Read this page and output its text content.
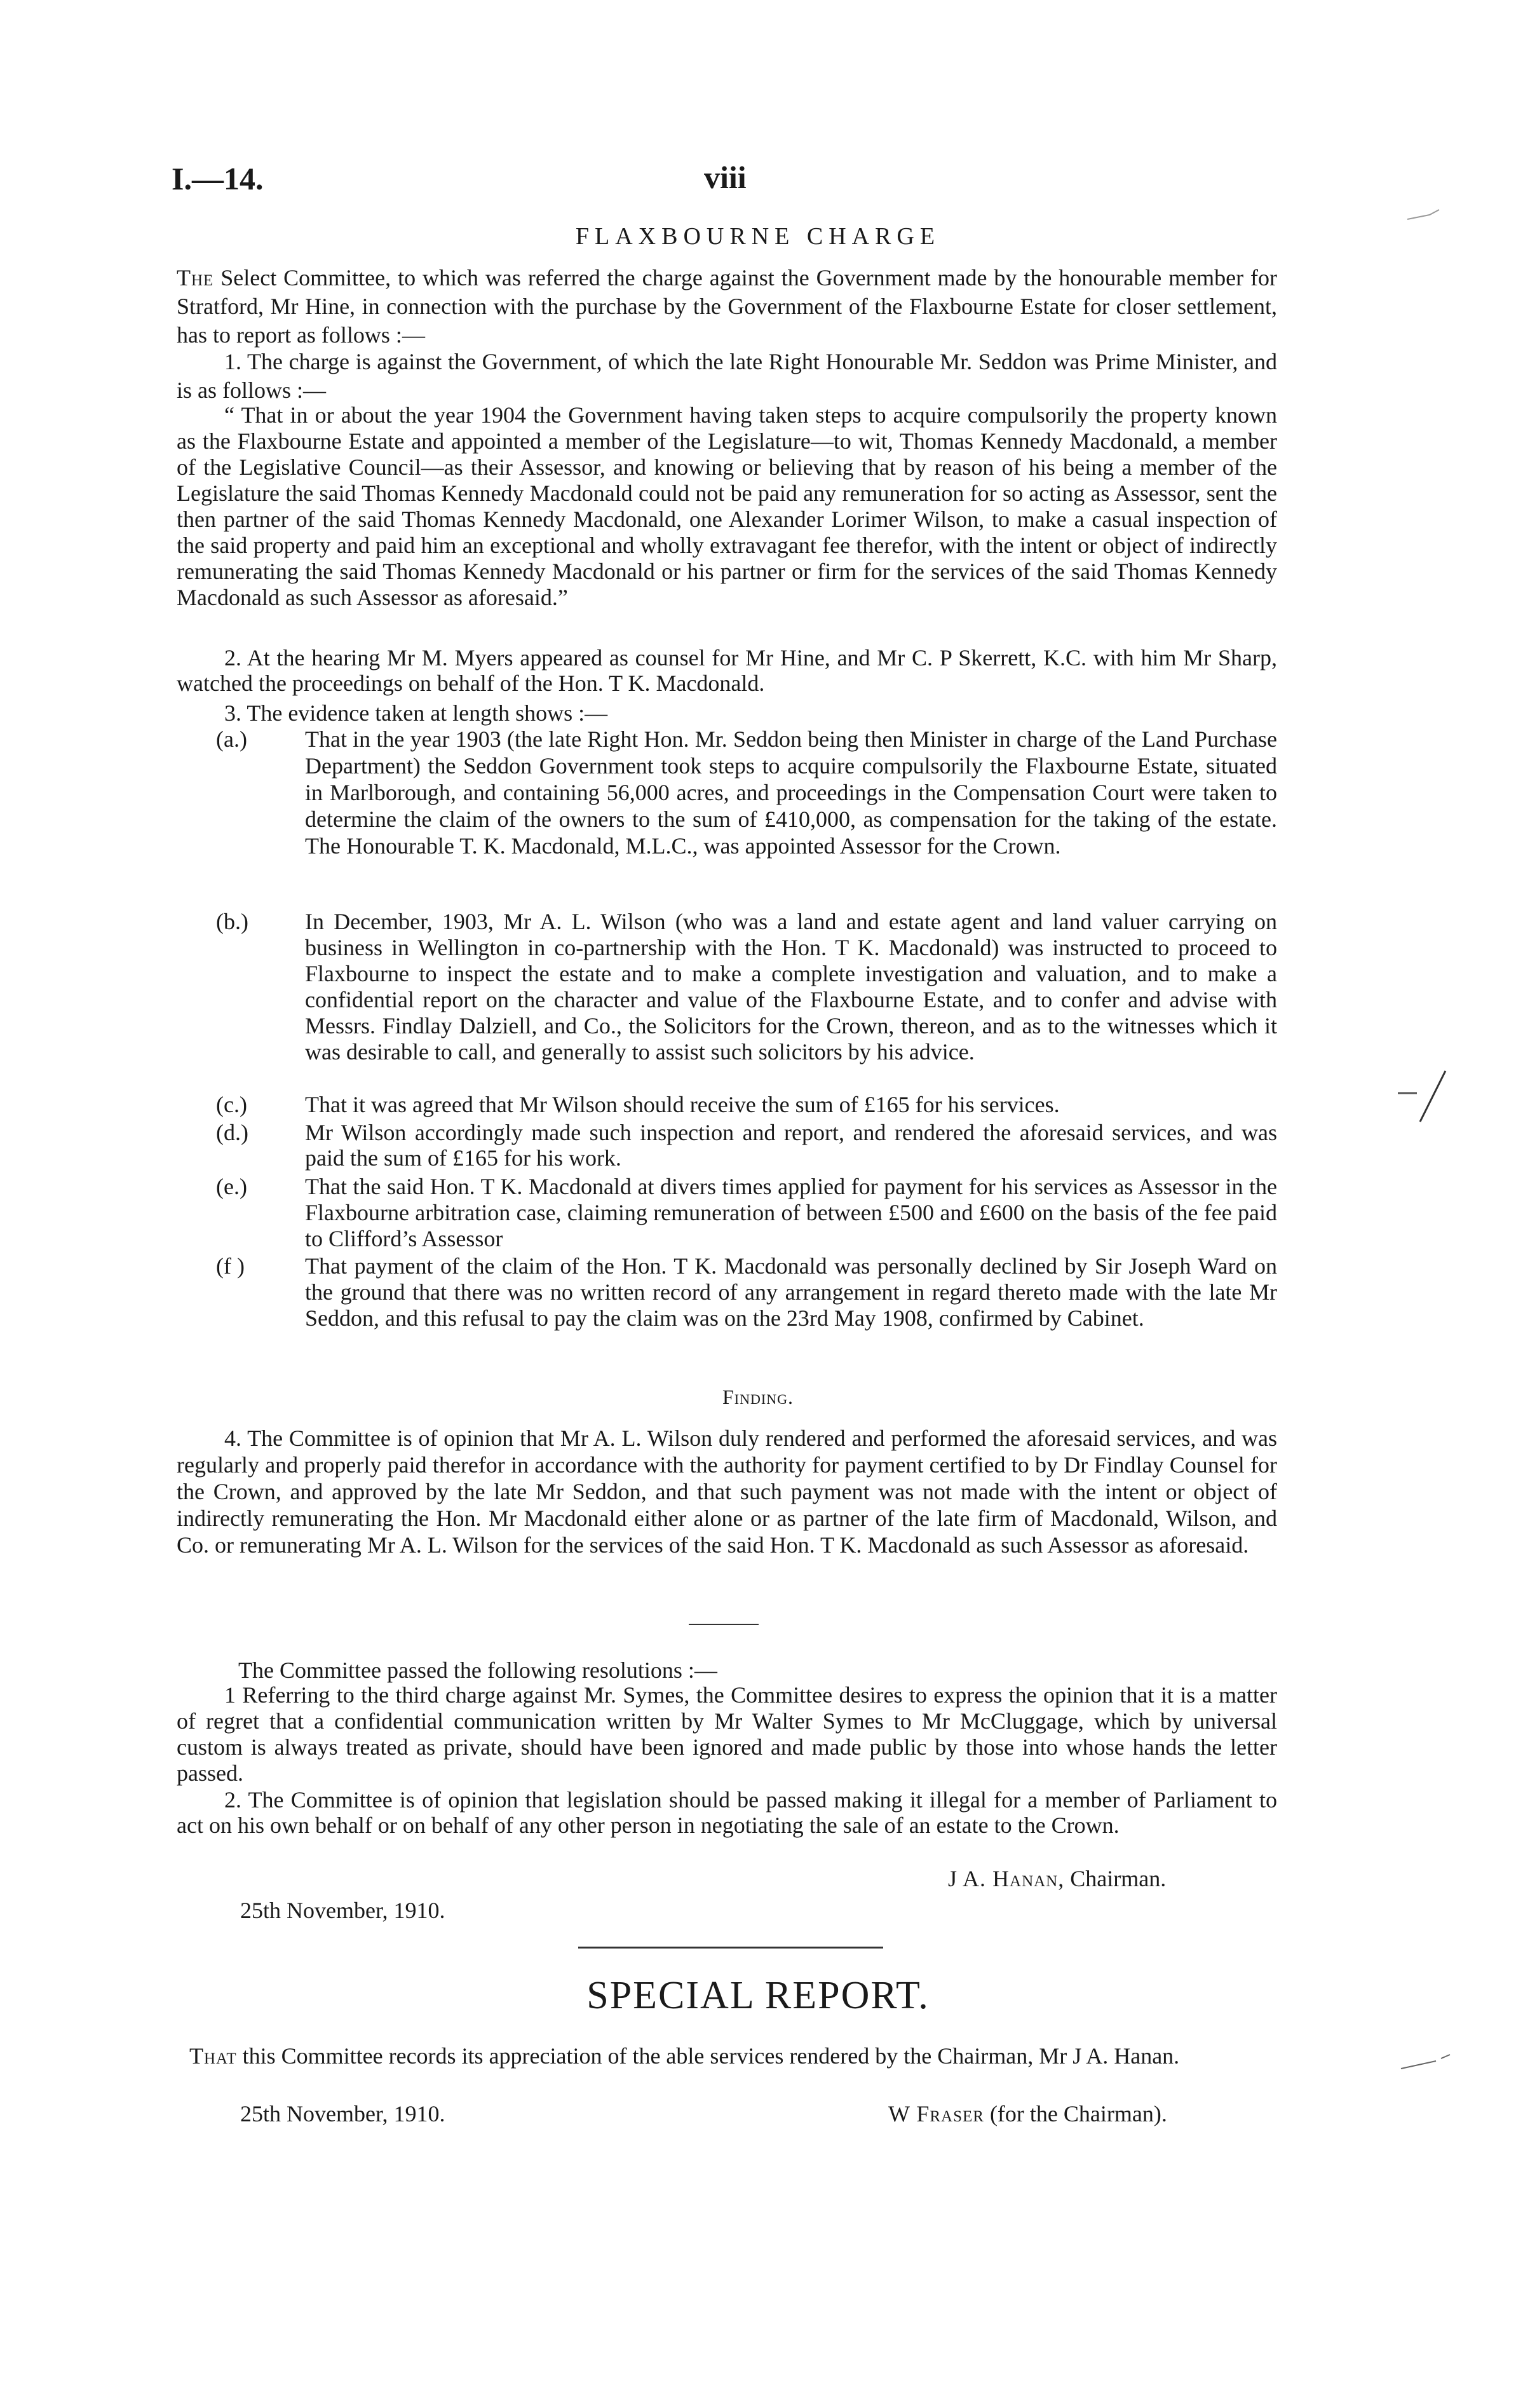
I.—14.	viii
FLAXBOURNE CHARGE
The Select Committee, to which was referred the charge against the Government made by the honourable member for Stratford, Mr Hine, in connection with the purchase by the Government of the Flaxbourne Estate for closer settlement, has to report as follows :—
1. The charge is against the Government, of which the late Right Honourable Mr. Seddon was Prime Minister, and is as follows :—
“ That in or about the year 1904 the Government having taken steps to acquire compulsorily the property known as the Flaxbourne Estate and appointed a member of the Legislature—to wit, Thomas Kennedy Macdonald, a member of the Legislative Council—as their Assessor, and knowing or believing that by reason of his being a member of the Legislature the said Thomas Kennedy Macdonald could not be paid any remuneration for so acting as Assessor, sent the then partner of the said Thomas Kennedy Macdonald, one Alexander Lorimer Wilson, to make a casual inspection of the said property and paid him an exceptional and wholly extravagant fee therefor, with the intent or object of indirectly remunerating the said Thomas Kennedy Macdonald or his partner or firm for the services of the said Thomas Kennedy Macdonald as such Assessor as aforesaid.”
2. At the hearing Mr M. Myers appeared as counsel for Mr Hine, and Mr C. P Skerrett, K.C. with him Mr Sharp, watched the proceedings on behalf of the Hon. T K. Macdonald.
3. The evidence taken at length shows :—
(a.)	That in the year 1903 (the late Right Hon. Mr. Seddon being then Minister in charge of the Land Purchase Department) the Seddon Government took steps to acquire compulsorily the Flaxbourne Estate, situated in Marlborough, and containing 56,000 acres, and proceedings in the Compensation Court were taken to determine the claim of the owners to the sum of £410,000, as compensation for the taking of the estate. The Honourable T. K. Macdonald, M.L.C., was appointed Assessor for the Crown.
(b.) In December, 1903, Mr A. L. Wilson (who was a land and estate agent and land valuer carrying on business in Wellington in co-partnership with the Hon. T K. Macdonald) was instructed to proceed to Flaxbourne to inspect the estate and to make a complete investigation and valuation, and to make a confidential report on the character and value of the Flaxbourne Estate, and to confer and advise with Messrs. Findlay Dalziell, and Co., the Solicitors for the Crown, thereon, and as to the witnesses which it was desirable to call, and generally to assist such solicitors by his advice.
(c.)	That it was agreed that Mr Wilson should receive the sum of £165 for his services.
(d.) Mr Wilson accordingly made such inspection and report, and rendered the aforesaid services, and was paid the sum of £165 for his work.
(e.)	That the said Hon. T K. Macdonald at divers times applied for payment for his services as Assessor in the Flaxbourne arbitration case, claiming remuneration of between £500 and £600 on the basis of the fee paid to Clifford’s Assessor
(f )	That payment of the claim of the Hon. T K. Macdonald was personally declined by Sir Joseph Ward on the ground that there was no written record of any arrangement in regard thereto made with the late Mr Seddon, and this refusal to pay the claim was on the 23rd May 1908, confirmed by Cabinet.
Finding.
4. The Committee is of opinion that Mr A. L. Wilson duly rendered and performed the aforesaid services, and was regularly and properly paid therefor in accordance with the authority for payment certified to by Dr Findlay Counsel for the Crown, and approved by the late Mr Seddon, and that such payment was not made with the intent or object of indirectly remunerating the Hon. Mr Macdonald either alone or as partner of the late firm of Macdonald, Wilson, and Co. or remunerating Mr A. L. Wilson for the services of the said Hon. T K. Macdonald as such Assessor as aforesaid.
The Committee passed the following resolutions :—
1 Referring to the third charge against Mr. Symes, the Committee desires to express the opinion that it is a matter of regret that a confidential communication written by Mr Walter Symes to Mr McCluggage, which by universal custom is always treated as private, should have been ignored and made public by those into whose hands the letter passed.
2. The Committee is of opinion that legislation should be passed making it illegal for a member of Parliament to act on his own behalf or on behalf of any other person in negotiating the sale of an estate to the Crown.
J A. Hanan, Chairman.
25th November, 1910.
SPECIAL REPORT.
That this Committee records its appreciation of the able services rendered by the Chairman, Mr J A. Hanan.
25th November, 1910.	W Fraser (for the Chairman).
